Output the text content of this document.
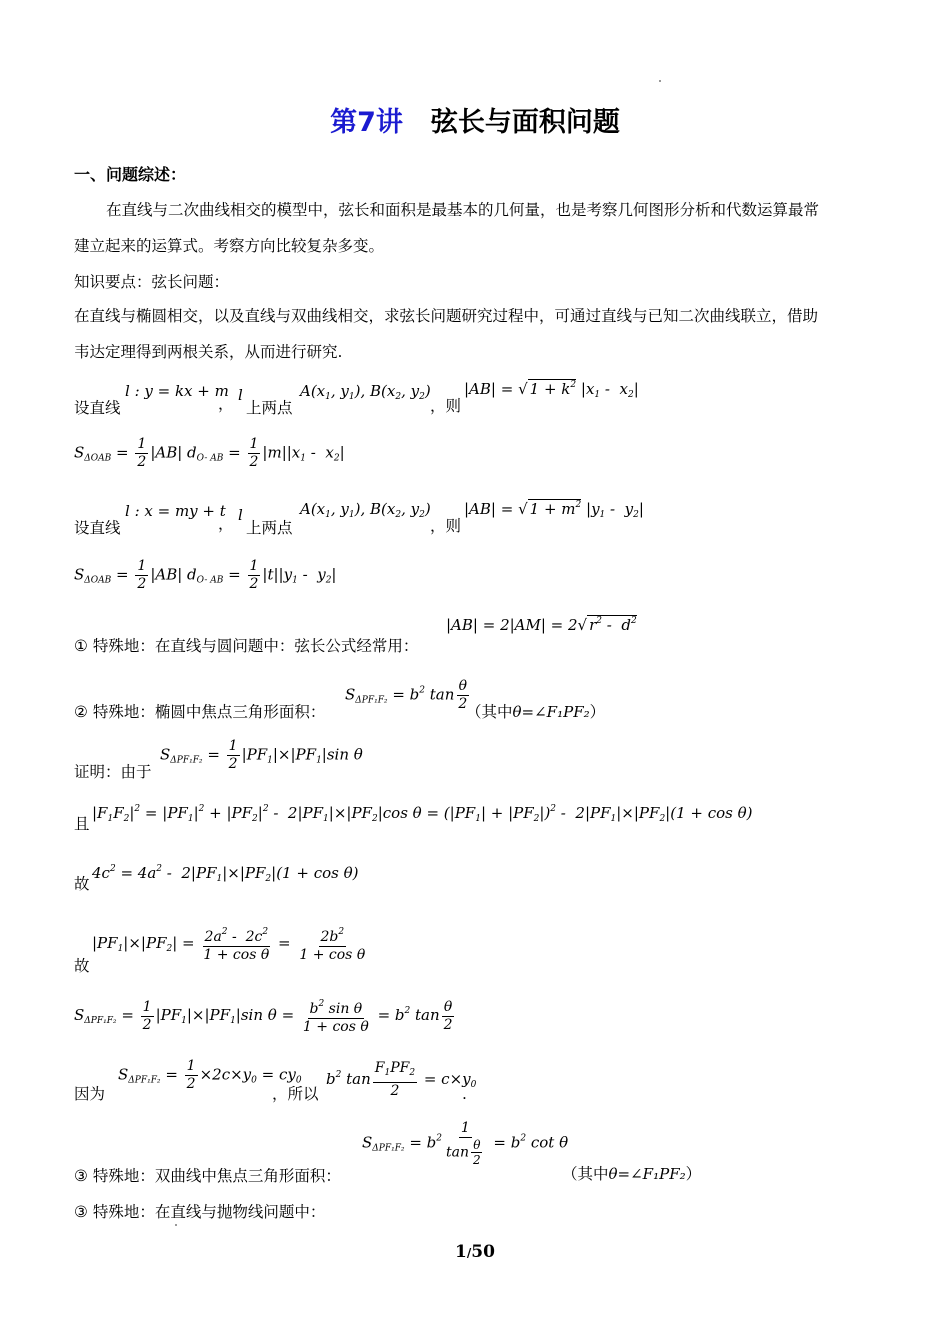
第7讲 弦长与面积问题
一、问题综述：
在直线与二次曲线相交的模型中，弦长和面积是最基本的几何量，也是考察几何图形分析和代数运算最常
建立起来的运算式。考察方向比较复杂多变。
知识要点：弦长问题：
在直线与椭圆相交，以及直线与双曲线相交，求弦长问题研究过程中，可通过直线与已知二次曲线联立，借助
韦达定理得到两根关系，从而进行研究.
设直线
l : y = kx + m
， l
上两点
$A(x_1$, $y_1$), $B(x_2$, $y_2$)
，则
|AB| = √ $1 + k^2$ $|x_1 - x_2|$
$S_{\Delta OAB} = \frac{1}{2} |AB|$ $d_{O- AB} = \frac{1}{2} |m||x_1 - x_2|$
设直线
l : x = my + t
， l
上两点
$A(x_1$, $y_1$), $B(x_2$, $y_2$)
，则
|AB| = √ $1 + m^2$ $|y_1 - y_2|$
$S_{\Delta OAB} = \frac{1}{2} |AB|$ $d_{O- AB} = \frac{1}{2} |t||y_1 - y_2|$
① 特殊地：在直线与圆问题中：弦长公式经常用：
|AB| = 2|AM| = 2√ $r^2 - d^2$
② 特殊地：椭圆中焦点三角形面积：
$S_{\Delta PF_1F_2} = b^2$ $\tan \frac{\theta}{2}$
（其中θ=∠F₁PF₂）
证明：由于
$S_{\Delta PF_1F_2} = \frac{1}{2} |PF_1|\times|PF_1|\sin$ θ
且
$|F_1F_2|^2 = |PF_1|^2 + |PF_2|^2 - 2|PF_1|\times|PF_2|\cos$ $\theta = (|PF_1| + |PF_2|)^2 - 2|PF_1|\times|PF_2|(1 + \cos \theta)$
故
$4c^2 = 4a^2 - 2|PF_1|\times|PF_2|(1 + \cos \theta)$
故
$|PF_1|\times|PF_2| = \frac{2a^2 - 2c^2}{\text{1 + cos θ}} = \frac{2b^2}{\text{1 + cos θ}}$
$S_{\Delta PF_1F_2} = \frac{1}{2} |PF_1|\times|PF_1|\sin$ $\theta = \frac{b^2 \sin \theta}{\text{1 + cos θ}} = b^2$ $\tan \frac{\theta}{2}$
因为
$S_{\Delta PF_1F_2} = \frac{1}{2} \times 2c\times y_0 = cy_0$
，所以
$b^2$ $\tan \frac{F_1PF_2}{2} = c\times y_0$
.
$S_{\Delta PF_1F_2} = b^2 \frac{1}{\tan \frac{\theta}{2}} = b^2$ cot θ
③ 特殊地：双曲线中焦点三角形面积：	（其中θ=∠F₁PF₂）
③ 特殊地：在直线与抛物线问题中：
1/50
